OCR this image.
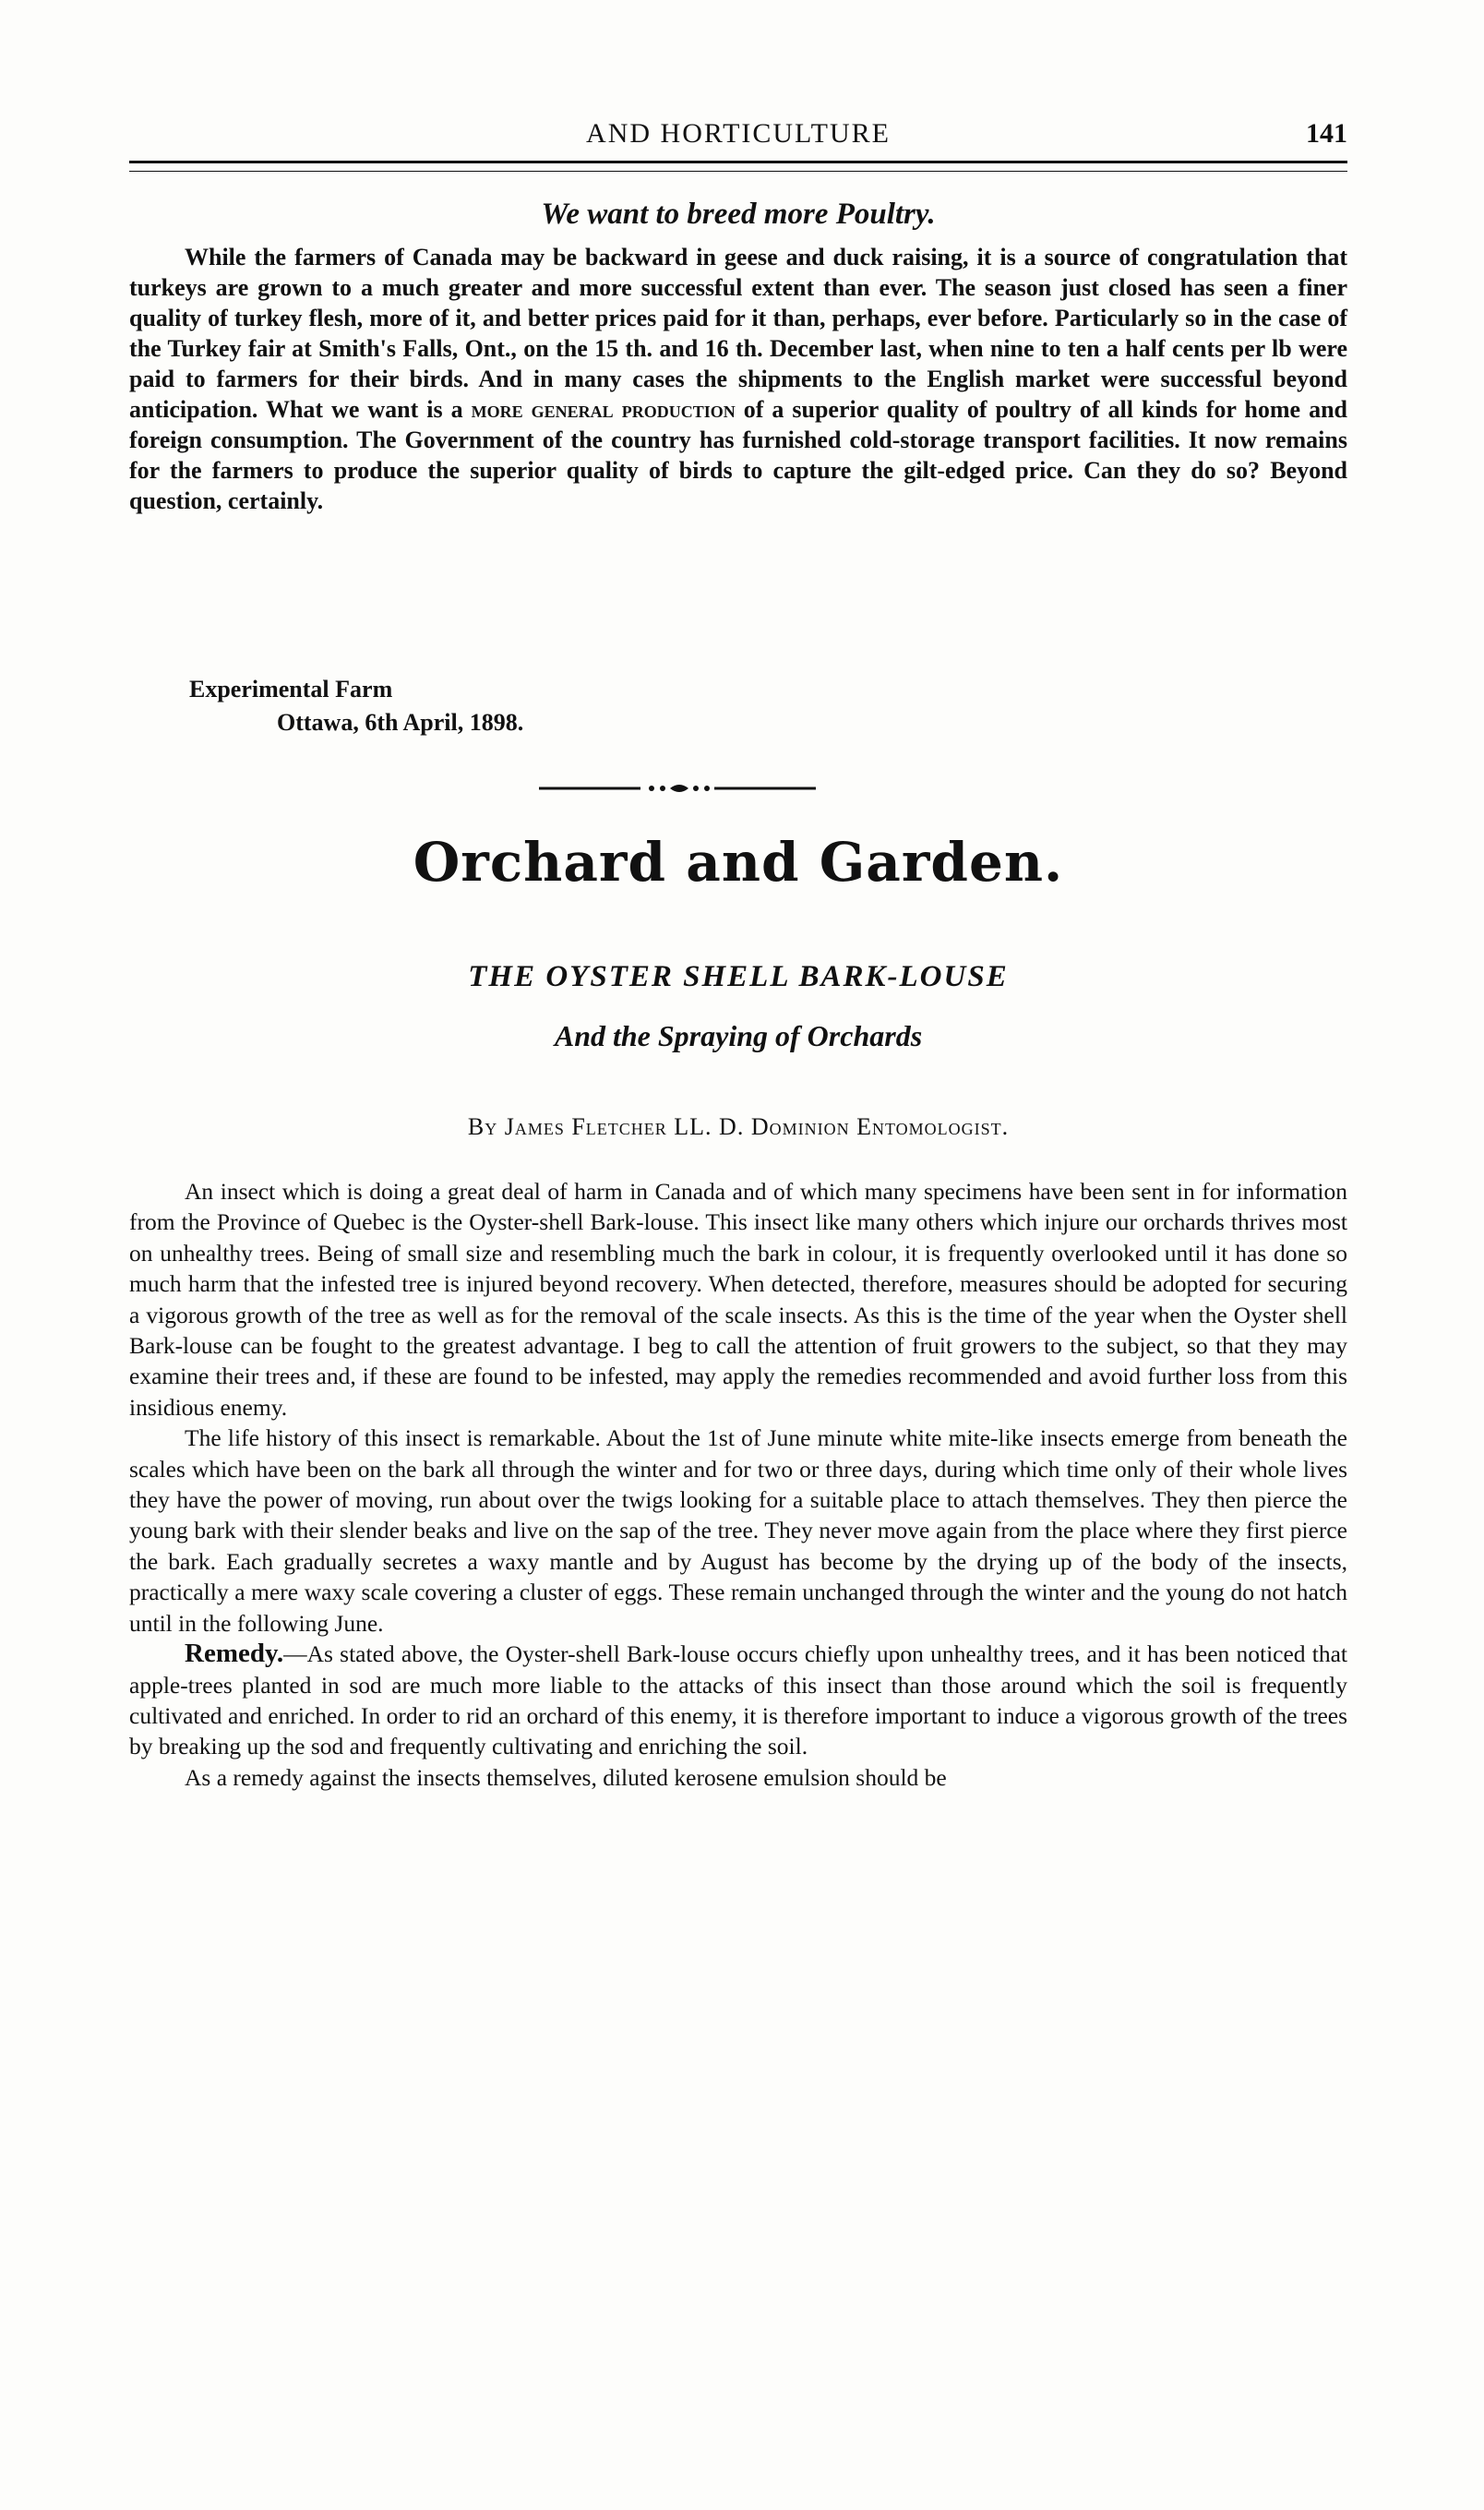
AND HORTICULTURE	141
We want to breed more Poultry.

While the farmers of Canada may be backward in geese and duck raising, it is a source of congratulation that turkeys are grown to a much greater and more successful extent than ever. The season just closed has seen a finer quality of turkey flesh, more of it, and better prices paid for it than, perhaps, ever before. Particularly so in the case of the Turkey fair at Smith's Falls, Ont., on the 15 th. and 16 th. December last, when nine to ten a half cents per lb were paid to farmers for their birds. And in many cases the shipments to the English market were successful beyond anticipation. What we want is a more general production of a superior quality of poultry of all kinds for home and foreign consumption. The Government of the country has furnished cold-storage transport facilities. It now remains for the farmers to produce the superior quality of birds to capture the gilt-edged price. Can they do so? Beyond question, certainly.

Experimental Farm
Ottawa, 6th April, 1898.
Orchard and Garden.
THE OYSTER SHELL BARK-LOUSE
And the Spraying of Orchards
By James Fletcher LL. D. Dominion Entomologist.

An insect which is doing a great deal of harm in Canada and of which many specimens have been sent in for information from the Province of Quebec is the Oyster-shell Bark-louse. This insect like many others which injure our orchards thrives most on unhealthy trees. Being of small size and resembling much the bark in colour, it is frequently overlooked until it has done so much harm that the infested tree is injured beyond recovery. When detected, therefore, measures should be adopted for securing a vigorous growth of the tree as well as for the removal of the scale insects. As this is the time of the year when the Oyster shell Bark-louse can be fought to the greatest advantage. I beg to call the attention of fruit growers to the subject, so that they may examine their trees and, if these are found to be infested, may apply the remedies recommended and avoid further loss from this insidious enemy.

The life history of this insect is remarkable. About the 1st of June minute white mite-like insects emerge from beneath the scales which have been on the bark all through the winter and for two or three days, during which time only of their whole lives they have the power of moving, run about over the twigs looking for a suitable place to attach themselves. They then pierce the young bark with their slender beaks and live on the sap of the tree. They never move again from the place where they first pierce the bark. Each gradually secretes a waxy mantle and by August has become by the drying up of the body of the insects, practically a mere waxy scale covering a cluster of eggs. These remain unchanged through the winter and the young do not hatch until in the following June.

Remedy.—As stated above, the Oyster-shell Bark-louse occurs chiefly upon unhealthy trees, and it has been noticed that apple-trees planted in sod are much more liable to the attacks of this insect than those around which the soil is frequently cultivated and enriched. In order to rid an orchard of this enemy, it is therefore important to induce a vigorous growth of the trees by breaking up the sod and frequently cultivating and enriching the soil.

As a remedy against the insects themselves, diluted kerosene emulsion should be
